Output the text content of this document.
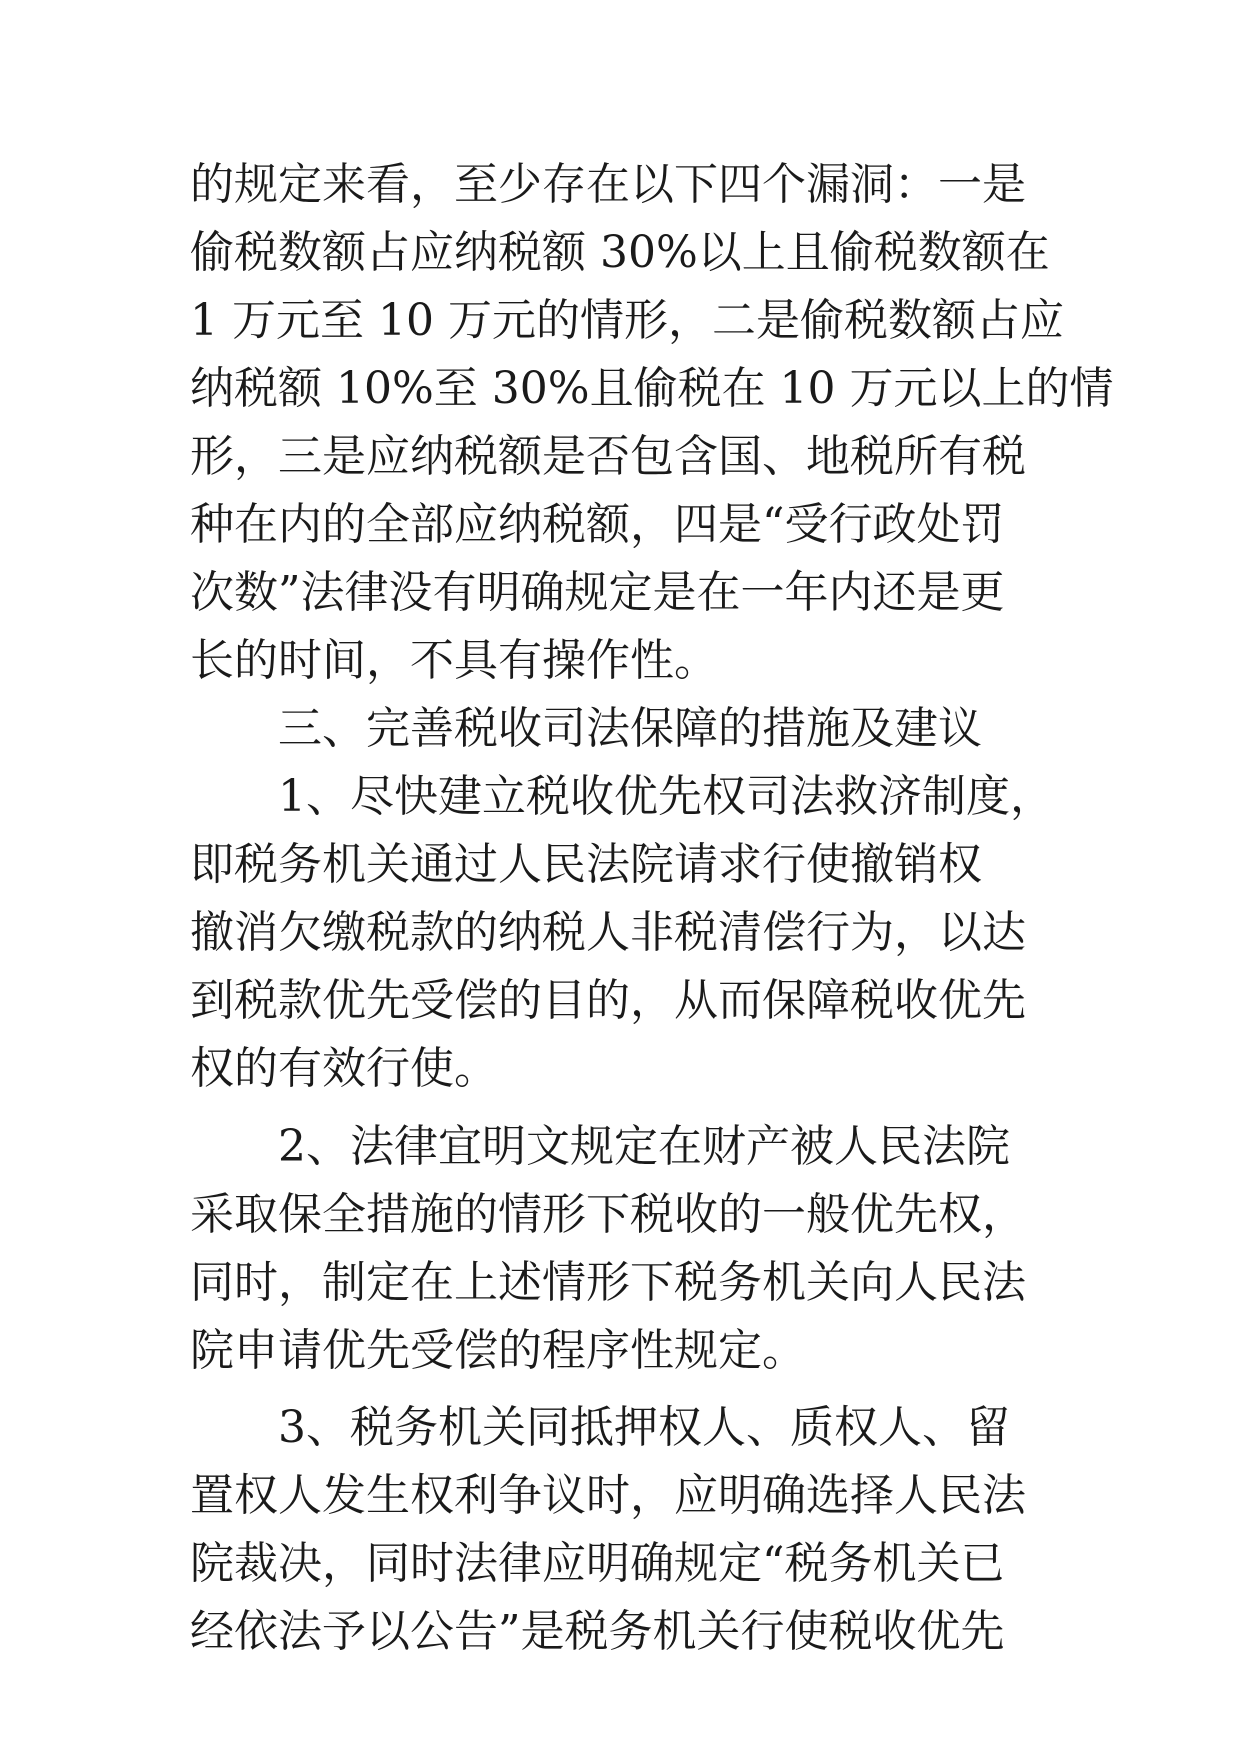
的规定来看，至少存在以下四个漏洞：一是
偷税数额占应纳税额 30%以上且偷税数额在
1 万元至 10 万元的情形，二是偷税数额占应
纳税额 10%至 30%且偷税在 10 万元以上的情
形，三是应纳税额是否包含国、地税所有税
种在内的全部应纳税额，四是“受行政处罚
次数”法律没有明确规定是在一年内还是更
长的时间，不具有操作性。
三、完善税收司法保障的措施及建议
1、尽快建立税收优先权司法救济制度，
即税务机关通过人民法院请求行使撤销权
撤消欠缴税款的纳税人非税清偿行为，以达
到税款优先受偿的目的，从而保障税收优先
权的有效行使。
2、法律宜明文规定在财产被人民法院
采取保全措施的情形下税收的一般优先权，
同时，制定在上述情形下税务机关向人民法
院申请优先受偿的程序性规定。
3、税务机关同抵押权人、质权人、留
置权人发生权利争议时，应明确选择人民法
院裁决，同时法律应明确规定“税务机关已
经依法予以公告”是税务机关行使税收优先
